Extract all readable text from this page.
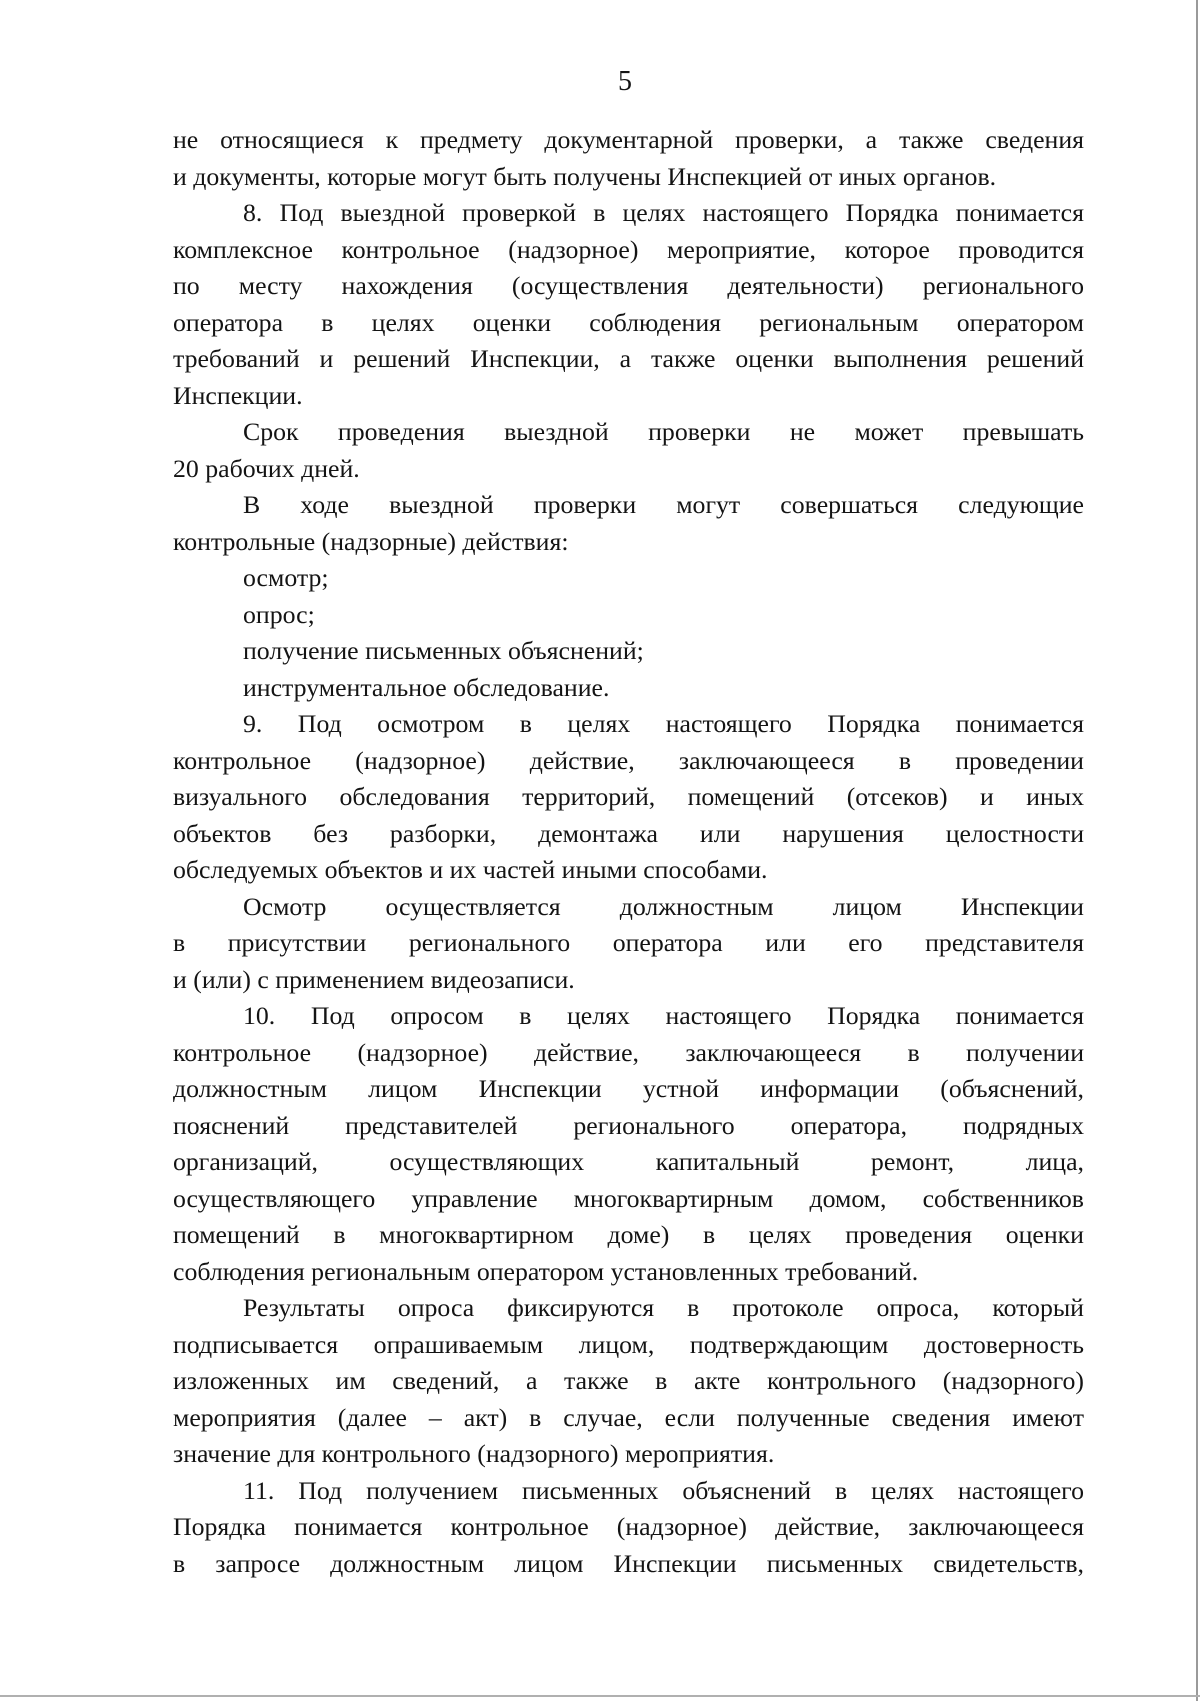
5
не относящиеся к предмету документарной проверки, а также сведения
и документы, которые могут быть получены Инспекцией от иных органов.
8. Под выездной проверкой в целях настоящего Порядка понимается
комплексное контрольное (надзорное) мероприятие, которое проводится
по месту нахождения (осуществления деятельности) регионального
оператора в целях оценки соблюдения региональным оператором
требований и решений Инспекции, а также оценки выполнения решений
Инспекции.
Срок проведения выездной проверки не может превышать
20 рабочих дней.
В ходе выездной проверки могут совершаться следующие
контрольные (надзорные) действия:
осмотр;
опрос;
получение письменных объяснений;
инструментальное обследование.
9. Под осмотром в целях настоящего Порядка понимается
контрольное (надзорное) действие, заключающееся в проведении
визуального обследования территорий, помещений (отсеков) и иных
объектов без разборки, демонтажа или нарушения целостности
обследуемых объектов и их частей иными способами.
Осмотр осуществляется должностным лицом Инспекции
в присутствии регионального оператора или его представителя
и (или) с применением видеозаписи.
10. Под опросом в целях настоящего Порядка понимается
контрольное (надзорное) действие, заключающееся в получении
должностным лицом Инспекции устной информации (объяснений,
пояснений представителей регионального оператора, подрядных
организаций, осуществляющих капитальный ремонт, лица,
осуществляющего управление многоквартирным домом, собственников
помещений в многоквартирном доме) в целях проведения оценки
соблюдения региональным оператором установленных требований.
Результаты опроса фиксируются в протоколе опроса, который
подписывается опрашиваемым лицом, подтверждающим достоверность
изложенных им сведений, а также в акте контрольного (надзорного)
мероприятия (далее – акт) в случае, если полученные сведения имеют
значение для контрольного (надзорного) мероприятия.
11. Под получением письменных объяснений в целях настоящего
Порядка понимается контрольное (надзорное) действие, заключающееся
в запросе должностным лицом Инспекции письменных свидетельств,
